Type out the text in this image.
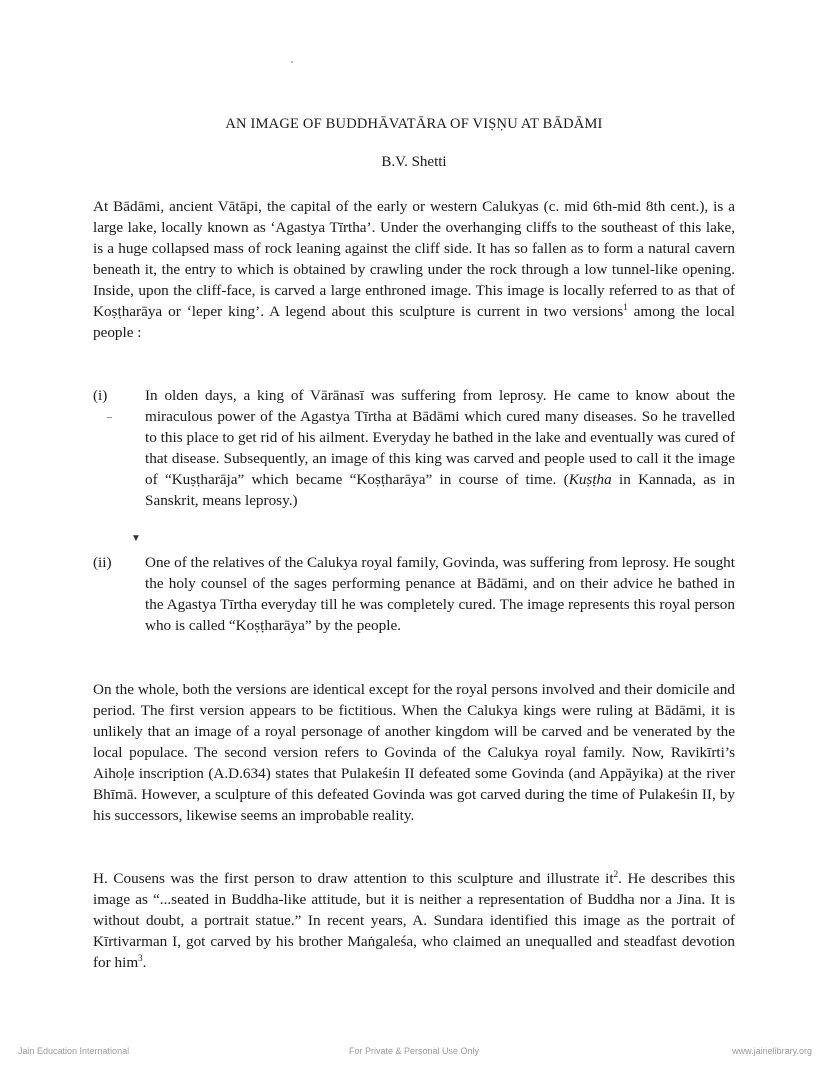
AN IMAGE OF BUDDHĀVATĀRA OF VIṢṆU AT BĀDĀMI
B.V. Shetti

At Bādāmi, ancient Vātāpi, the capital of the early or western Calukyas (c. mid 6th-mid 8th cent.), is a large lake, locally known as ‘Agastya Tīrtha’. Under the overhanging cliffs to the southeast of this lake, is a huge collapsed mass of rock leaning against the cliff side. It has so fallen as to form a natural cavern beneath it, the entry to which is obtained by crawling under the rock through a low tunnel-like opening. Inside, upon the cliff-face, is carved a large enthroned image. This image is locally referred to as that of Koṣṭharāya or ‘leper king’. A legend about this sculpture is current in two versions$^1$ among the local people :

(i)	In olden days, a king of Vārānasī was suffering from leprosy. He came to know about the miraculous power of the Agastya Tīrtha at Bādāmi which cured many diseases. So he travelled to this place to get rid of his ailment. Everyday he bathed in the lake and eventually was cured of that disease. Subsequently, an image of this king was carved and people used to call it the image of “Kuṣṭharāja” which became “Koṣṭharāya” in course of time. (Kuṣṭha in Kannada, as in Sanskrit, means leprosy.)
–
▼
(ii)	One of the relatives of the Calukya royal family, Govinda, was suffering from leprosy. He sought the holy counsel of the sages performing penance at Bādāmi, and on their advice he bathed in the Agastya Tīrtha everyday till he was completely cured. The image represents this royal person who is called “Koṣṭharāya” by the people.

On the whole, both the versions are identical except for the royal persons involved and their domicile and period. The first version appears to be fictitious. When the Calukya kings were ruling at Bādāmi, it is unlikely that an image of a royal personage of another kingdom will be carved and be venerated by the local populace. The second version refers to Govinda of the Calukya royal family. Now, Ravikīrti’s Aihoḷe inscription (A.D.634) states that Pulakeśin II defeated some Govinda (and Appāyika) at the river Bhīmā. However, a sculpture of this defeated Govinda was got carved during the time of Pulakeśin II, by his successors, likewise seems an improbable reality.

H. Cousens was the first person to draw attention to this sculpture and illustrate $it^2$. He describes this image as “...seated in Buddha-like attitude, but it is neither a representation of Buddha nor a Jina. It is without doubt, a portrait statue.” In recent years, A. Sundara identified this image as the portrait of Kīrtivarman I, got carved by his brother Maṅgaleśa, who claimed an unequalled and steadfast devotion for him$^3$.

Jain Education International	For Private & Personal Use Only	www.jainelibrary.org
